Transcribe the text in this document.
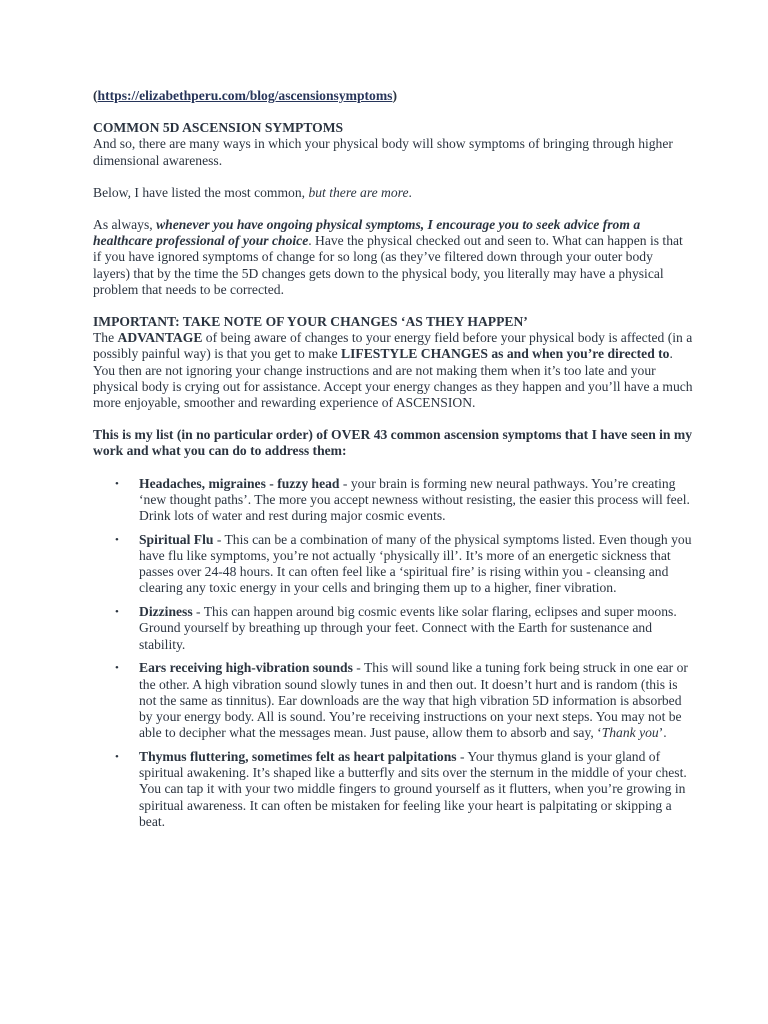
(https://elizabethperu.com/blog/ascensionsymptoms)

COMMON 5D ASCENSION SYMPTOMS

And so, there are many ways in which your physical body will show symptoms of bringing through higher dimensional awareness.

Below, I have listed the most common, but there are more.

As always, whenever you have ongoing physical symptoms, I encourage you to seek advice from a healthcare professional of your choice. Have the physical checked out and seen to. What can happen is that if you have ignored symptoms of change for so long (as they’ve filtered down through your outer body layers) that by the time the 5D changes gets down to the physical body, you literally may have a physical problem that needs to be corrected.

IMPORTANT: TAKE NOTE OF YOUR CHANGES ‘AS THEY HAPPEN’

The ADVANTAGE of being aware of changes to your energy field before your physical body is affected (in a possibly painful way) is that you get to make LIFESTYLE CHANGES as and when you’re directed to. You then are not ignoring your change instructions and are not making them when it’s too late and your physical body is crying out for assistance. Accept your energy changes as they happen and you’ll have a much more enjoyable, smoother and rewarding experience of ASCENSION.

This is my list (in no particular order) of OVER 43 common ascension symptoms that I have seen in my work and what you can do to address them:

• Headaches, migraines - fuzzy head - your brain is forming new neural pathways. You’re creating ‘new thought paths’. The more you accept newness without resisting, the easier this process will feel. Drink lots of water and rest during major cosmic events.
• Spiritual Flu - This can be a combination of many of the physical symptoms listed. Even though you have flu like symptoms, you’re not actually ‘physically ill’. It’s more of an energetic sickness that passes over 24-48 hours. It can often feel like a ‘spiritual fire’ is rising within you - cleansing and clearing any toxic energy in your cells and bringing them up to a higher, finer vibration.
• Dizziness - This can happen around big cosmic events like solar flaring, eclipses and super moons. Ground yourself by breathing up through your feet. Connect with the Earth for sustenance and stability.
• Ears receiving high-vibration sounds - This will sound like a tuning fork being struck in one ear or the other. A high vibration sound slowly tunes in and then out. It doesn’t hurt and is random (this is not the same as tinnitus). Ear downloads are the way that high vibration 5D information is absorbed by your energy body. All is sound. You’re receiving instructions on your next steps. You may not be able to decipher what the messages mean. Just pause, allow them to absorb and say, ‘Thank you’.
• Thymus fluttering, sometimes felt as heart palpitations - Your thymus gland is your gland of spiritual awakening. It’s shaped like a butterfly and sits over the sternum in the middle of your chest. You can tap it with your two middle fingers to ground yourself as it flutters, when you’re growing in spiritual awareness. It can often be mistaken for feeling like your heart is palpitating or skipping a beat.
